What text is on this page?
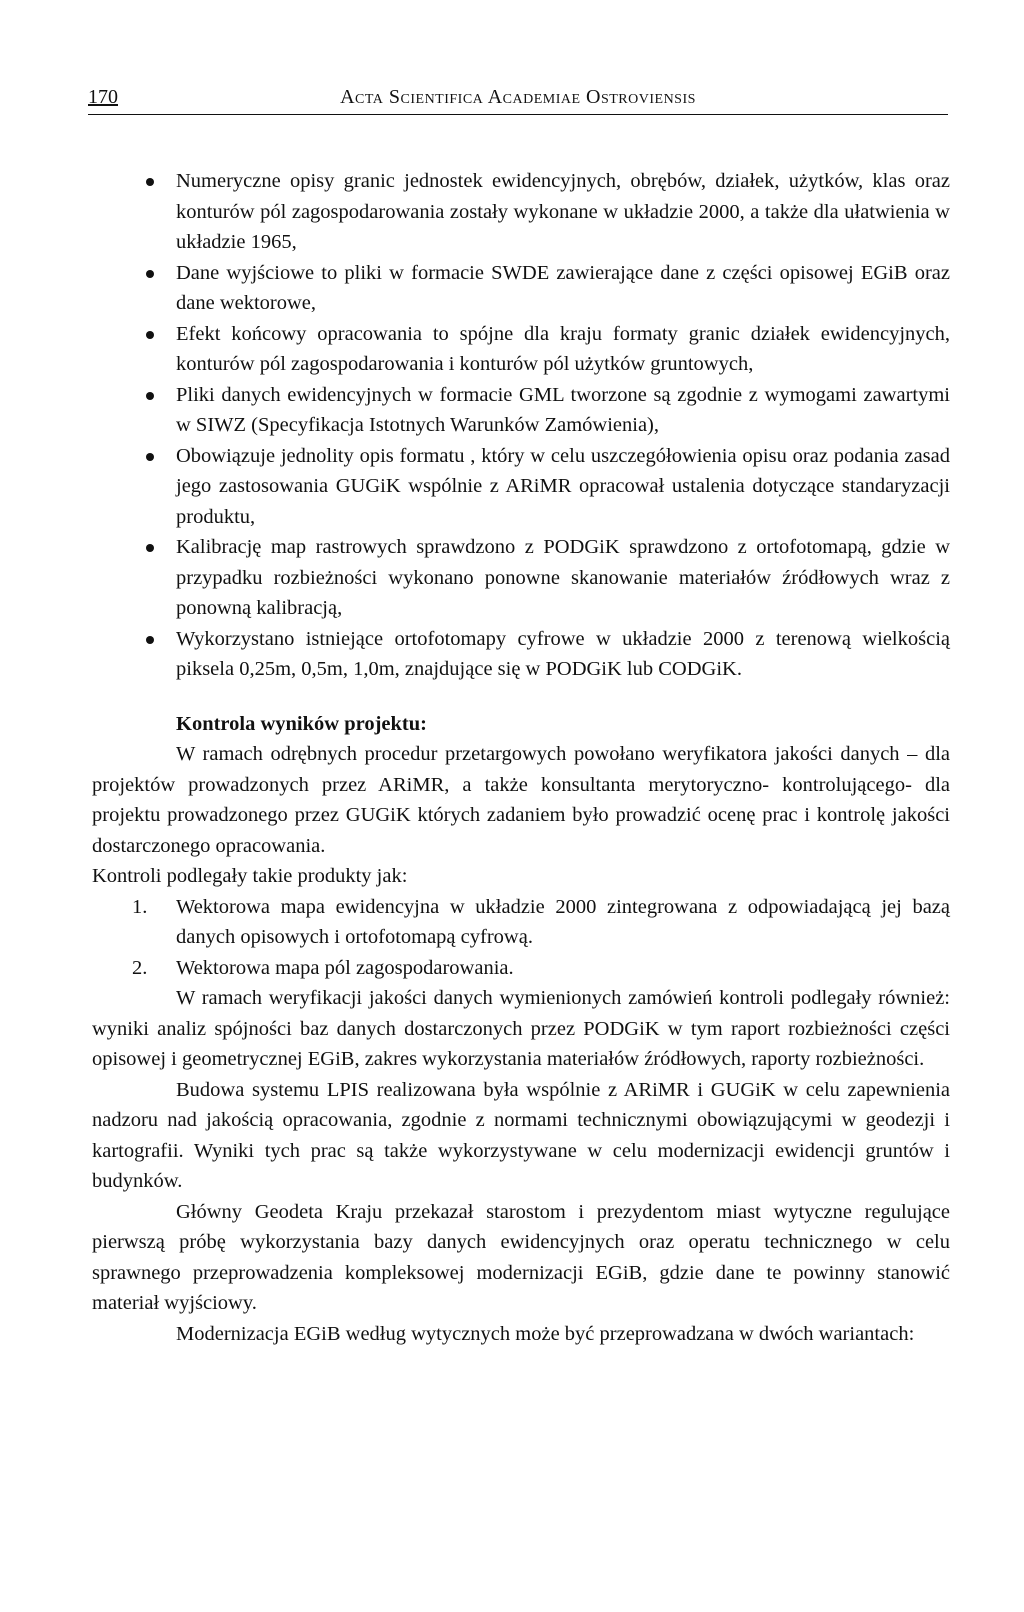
170	Acta Scientifica Academiae Ostroviensis
Numeryczne opisy granic jednostek ewidencyjnych, obrębów, działek, użytków, klas oraz konturów pól zagospodarowania zostały wykonane w układzie 2000, a także dla ułatwienia w układzie 1965,
Dane wyjściowe to pliki w formacie SWDE zawierające dane z części opisowej EGiB oraz dane wektorowe,
Efekt końcowy opracowania to spójne dla kraju formaty granic działek ewidencyjnych, konturów pól zagospodarowania i konturów pól użytków gruntowych,
Pliki danych ewidencyjnych w formacie GML tworzone są zgodnie z wymogami zawartymi w SIWZ (Specyfikacja Istotnych Warunków Zamówienia),
Obowiązuje jednolity opis formatu , który w celu uszczegółowienia opisu oraz podania zasad jego zastosowania GUGiK wspólnie z ARiMR opracował ustalenia dotyczące standaryzacji produktu,
Kalibrację map rastrowych sprawdzono z PODGiK sprawdzono z ortofotomapą, gdzie w przypadku rozbieżności wykonano ponowne skanowanie materiałów źródłowych wraz z ponowną kalibracją,
Wykorzystano istniejące ortofotomapy cyfrowe w układzie 2000 z terenową wielkością piksela 0,25m, 0,5m, 1,0m, znajdujące się w PODGiK lub CODGiK.
Kontrola wyników projektu:

W ramach odrębnych procedur przetargowych powołano weryfikatora jakości danych – dla projektów prowadzonych przez ARiMR, a także konsultanta merytoryczno- kontrolującego- dla projektu prowadzonego przez GUGiK których zadaniem było prowadzić ocenę prac i kontrolę jakości dostarczonego opracowania.

Kontroli podlegały takie produkty jak:

1. Wektorowa mapa ewidencyjna w układzie 2000 zintegrowana z odpowiadającą jej bazą danych opisowych i ortofotomapą cyfrową.
2. Wektorowa mapa pól zagospodarowania.

W ramach weryfikacji jakości danych wymienionych zamówień kontroli podlegały również: wyniki analiz spójności baz danych dostarczonych przez PODGiK w tym raport rozbieżności części opisowej i geometrycznej EGiB, zakres wykorzystania materiałów źródłowych, raporty rozbieżności.

Budowa systemu LPIS realizowana była wspólnie z ARiMR i GUGiK w celu zapewnienia nadzoru nad jakością opracowania, zgodnie z normami technicznymi obowiązującymi w geodezji i kartografii. Wyniki tych prac są także wykorzystywane w celu modernizacji ewidencji gruntów i budynków.

Główny Geodeta Kraju przekazał starostom i prezydentom miast wytyczne regulujące pierwszą próbę wykorzystania bazy danych ewidencyjnych oraz operatu technicznego w celu sprawnego przeprowadzenia kompleksowej modernizacji EGiB, gdzie dane te powinny stanowić materiał wyjściowy.

Modernizacja EGiB według wytycznych może być przeprowadzana w dwóch wariantach:
